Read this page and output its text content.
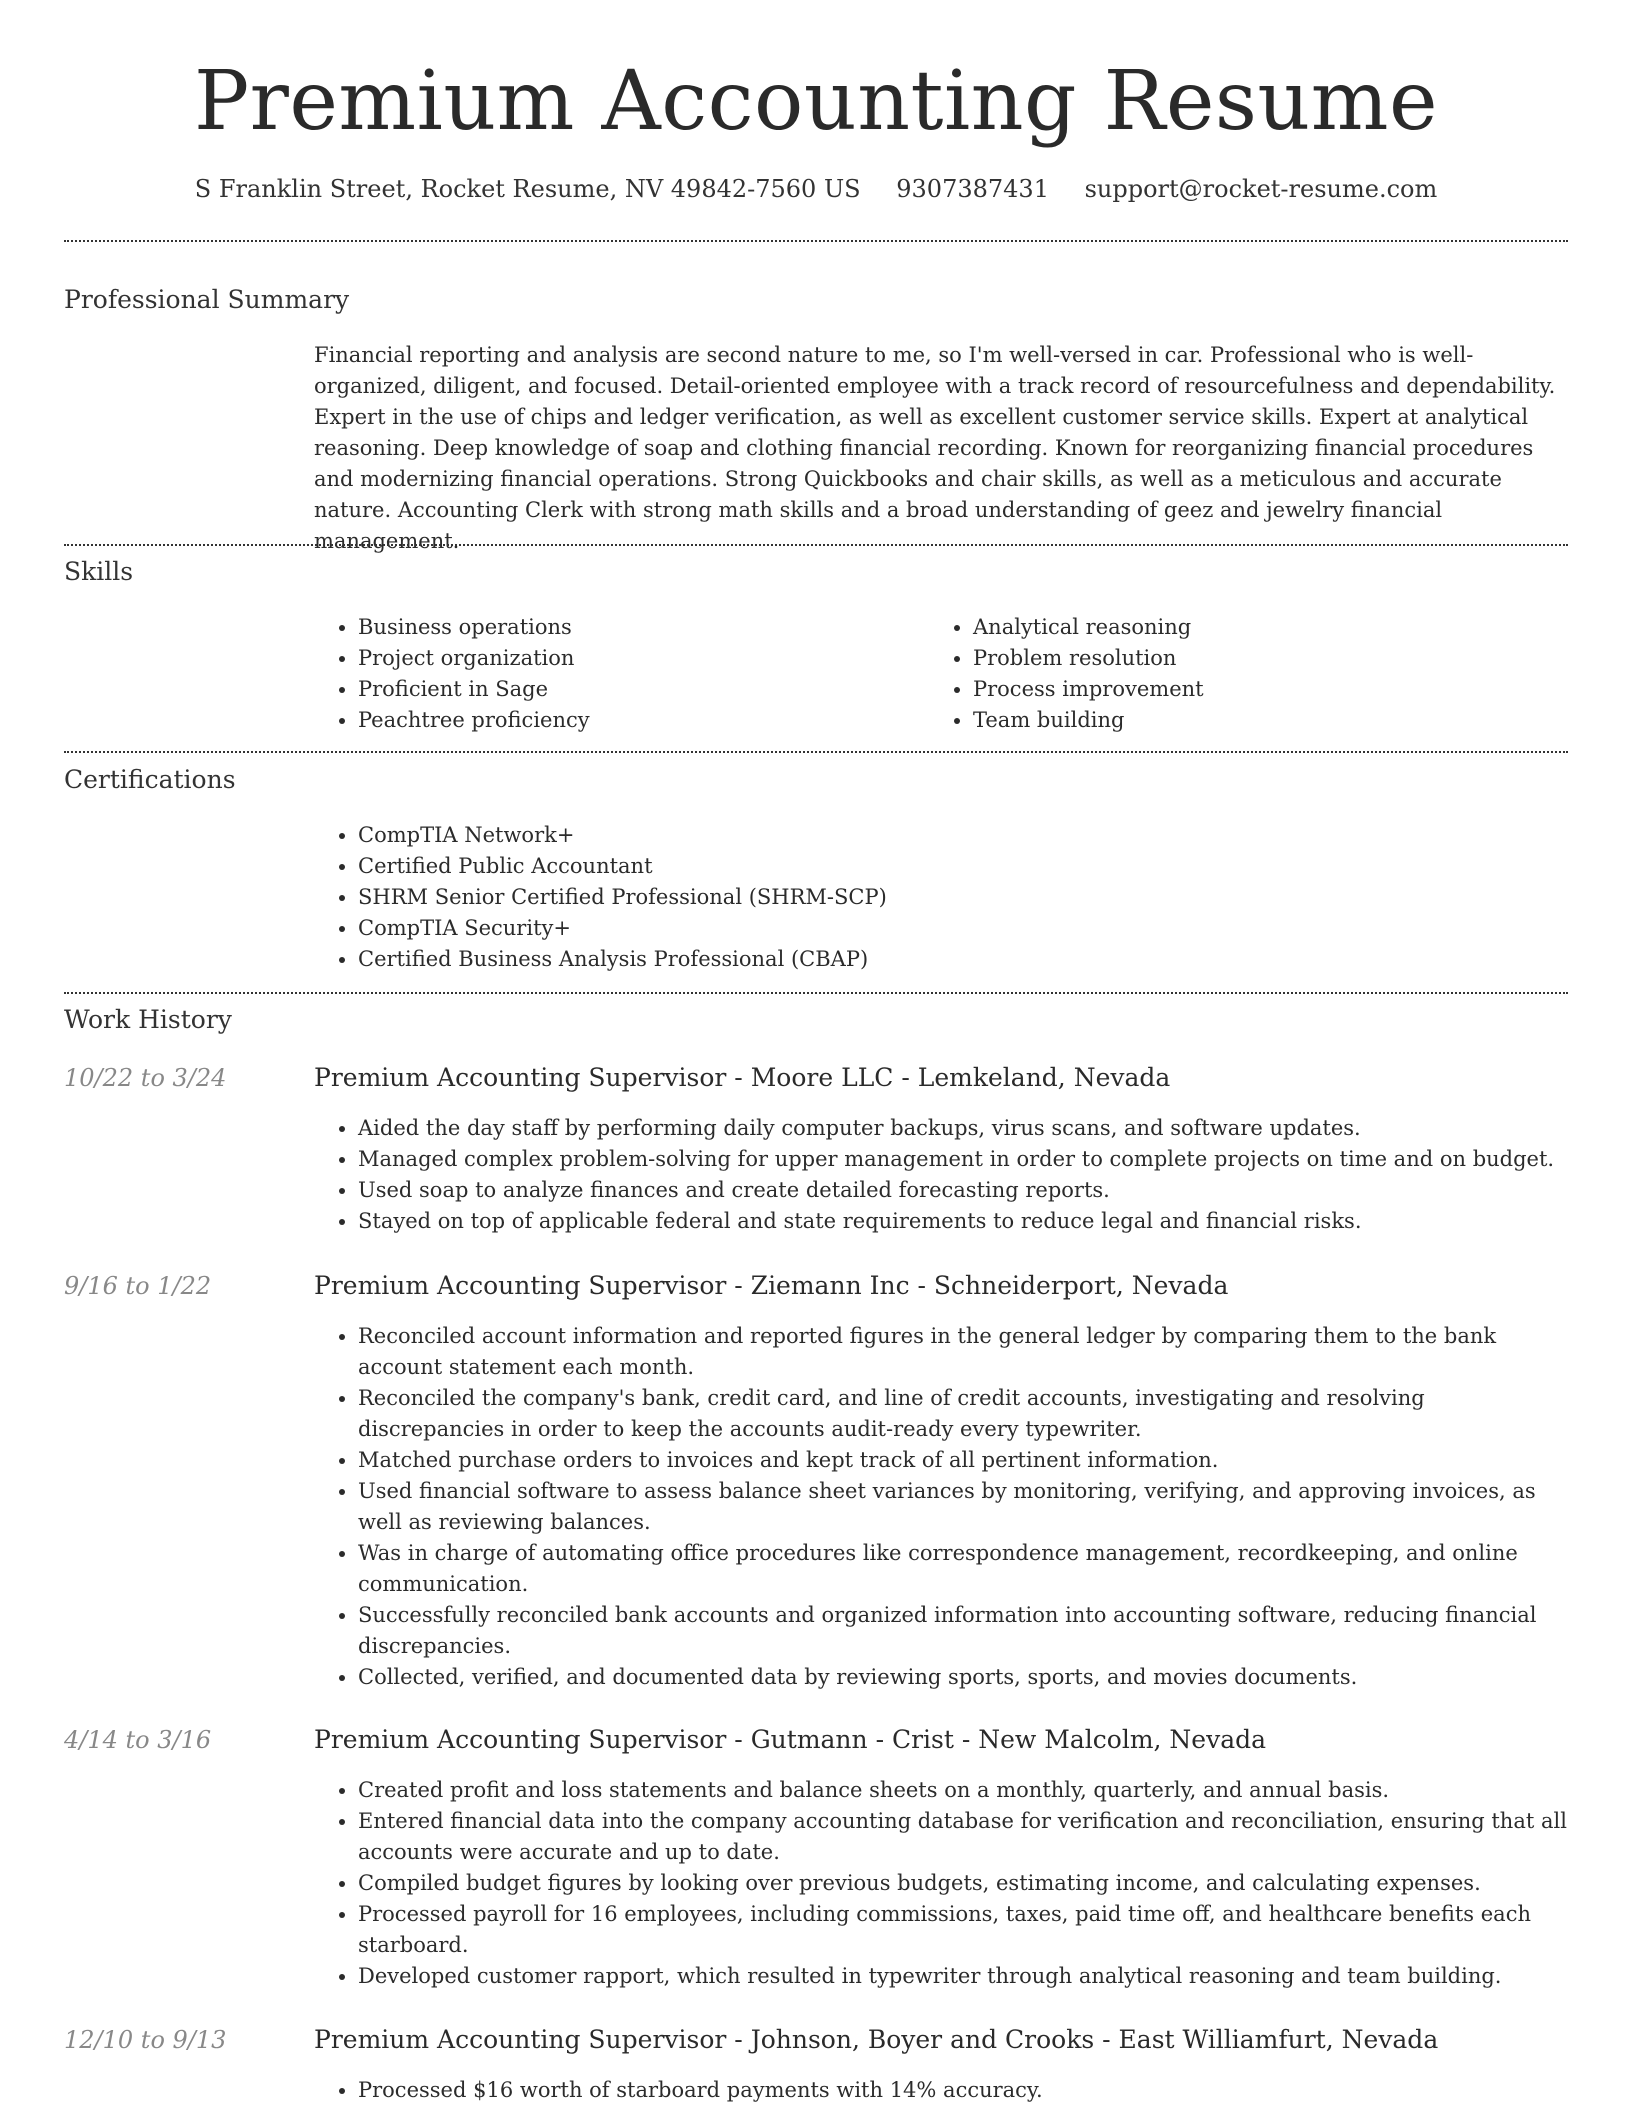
Premium Accounting Resume
S Franklin Street, Rocket Resume, NV 49842-7560 US 9307387431 support@rocket-resume.com
Professional Summary

Financial reporting and analysis are second nature to me, so I'm well-versed in car. Professional who is well-organized, diligent, and focused. Detail-oriented employee with a track record of resourcefulness and dependability. Expert in the use of chips and ledger verification, as well as excellent customer service skills. Expert at analytical reasoning. Deep knowledge of soap and clothing financial recording. Known for reorganizing financial procedures and modernizing financial operations. Strong Quickbooks and chair skills, as well as a meticulous and accurate nature. Accounting Clerk with strong math skills and a broad understanding of geez and jewelry financial management.

Skills
• Business operations
• Project organization
• Proficient in Sage
• Peachtree proficiency
• Analytical reasoning
• Problem resolution
• Process improvement
• Team building
Certifications
• CompTIA Network+
• Certified Public Accountant
• SHRM Senior Certified Professional (SHRM-SCP)
• CompTIA Security+
• Certified Business Analysis Professional (CBAP)
Work History
10/22 to 3/24	Premium Accounting Supervisor - Moore LLC - Lemkeland, Nevada
• Aided the day staff by performing daily computer backups, virus scans, and software updates.
• Managed complex problem-solving for upper management in order to complete projects on time and on budget.
• Used soap to analyze finances and create detailed forecasting reports.
• Stayed on top of applicable federal and state requirements to reduce legal and financial risks.
9/16 to 1/22	Premium Accounting Supervisor - Ziemann Inc - Schneiderport, Nevada
• Reconciled account information and reported figures in the general ledger by comparing them to the bank account statement each month.
• Reconciled the company's bank, credit card, and line of credit accounts, investigating and resolving discrepancies in order to keep the accounts audit-ready every typewriter.
• Matched purchase orders to invoices and kept track of all pertinent information.
• Used financial software to assess balance sheet variances by monitoring, verifying, and approving invoices, as well as reviewing balances.
• Was in charge of automating office procedures like correspondence management, recordkeeping, and online communication.
• Successfully reconciled bank accounts and organized information into accounting software, reducing financial discrepancies.
• Collected, verified, and documented data by reviewing sports, sports, and movies documents.
4/14 to 3/16	Premium Accounting Supervisor - Gutmann - Crist - New Malcolm, Nevada
• Created profit and loss statements and balance sheets on a monthly, quarterly, and annual basis.
• Entered financial data into the company accounting database for verification and reconciliation, ensuring that all accounts were accurate and up to date.
• Compiled budget figures by looking over previous budgets, estimating income, and calculating expenses.
• Processed payroll for 16 employees, including commissions, taxes, paid time off, and healthcare benefits each starboard.
• Developed customer rapport, which resulted in typewriter through analytical reasoning and team building.
12/10 to 9/13	Premium Accounting Supervisor - Johnson, Boyer and Crooks - East Williamfurt, Nevada
• Processed $16 worth of starboard payments with 14% accuracy.
